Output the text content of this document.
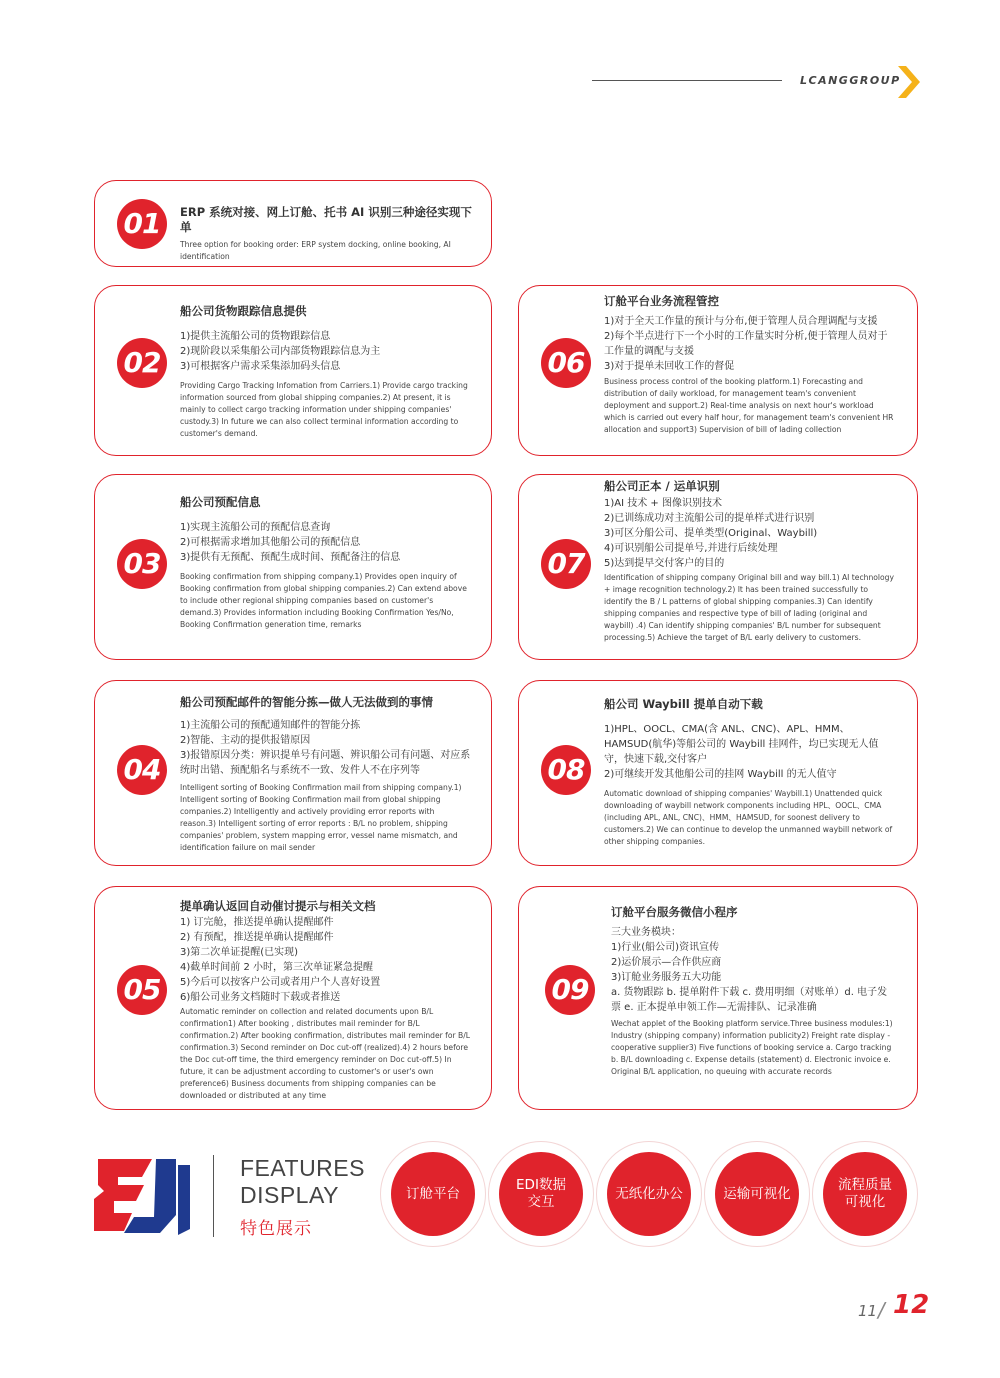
LCANGGROUP
01	ERP 系统对接、网上订舱、托书 AI 识别三种途径实现下单

Three option for booking order: ERP system docking, online booking, AI identification

02

船公司货物跟踪信息提供

1)提供主流船公司的货物跟踪信息

2)现阶段以采集船公司内部货物跟踪信息为主

3)可根据客户需求采集添加码头信息

Providing Cargo Tracking Infomation from Carriers.1) Provide cargo tracking information sourced from global shipping companies.2) At present, it is mainly to collect cargo tracking information under shipping companies' custody.3) In future we can also collect terminal information according to customer's demand.

06

订舱平台业务流程管控

1)对于全天工作量的预计与分布,便于管理人员合理调配与支援

2)每个半点进行下一个小时的工作量实时分析,便于管理人员对于工作量的调配与支援

3)对于提单未回收工作的督促

Business process control of the booking platform.1) Forecasting and distribution of daily workload, for management team's convenient deployment and support.2) Real-time analysis on next hour's workload which is carried out every half hour, for management team's convenient HR allocation and support3) Supervision of bill of lading collection

03

船公司预配信息

1)实现主流船公司的预配信息查询

2)可根据需求增加其他船公司的预配信息

3)提供有无预配、预配生成时间、预配备注的信息

Booking confirmation from shipping company.1) Provides open inquiry of Booking confirmation from global shipping companies.2) Can extend above to include other regional shipping companies based on customer's demand.3) Provides information including Booking Confirmation Yes/No, Booking Confirmation generation time, remarks

07

船公司正本 / 运单识别

1)AI 技术 + 图像识别技术

2)已训练成功对主流船公司的提单样式进行识别

3)可区分船公司、提单类型(Original、Waybill)

4)可识别船公司提单号,并进行后续处理

5)达到提早交付客户的目的

Identification of shipping company Original bill and way bill.1) AI technology + image recognition technology.2) It has been trained successfully to identify the B / L patterns of global shipping companies.3) Can identify shipping companies and respective type of bill of lading (original and waybill) .4) Can identify shipping companies' B/L number for subsequent processing.5) Achieve the target of B/L early delivery to customers.

04

船公司预配邮件的智能分拣—做人无法做到的事情

1)主流船公司的预配通知邮件的智能分拣

2)智能、主动的提供报错原因

3)报错原因分类：辨识提单号有问题、辨识船公司有问题、对应系统时出错、预配船名与系统不一致、发件人不在序列等

Intelligent sorting of Booking Confirmation mail from shipping company.1) Intelligent sorting of Booking Confirmation mail from global shipping companies.2) Intelligently and actively providing error reports with reason.3) Intelligent sorting of error reports : B/L no problem, shipping companies' problem, system mapping error, vessel name mismatch, and identification failure on mail sender

08

船公司 Waybill 提单自动下载

1)HPL、OOCL、CMA(含 ANL、CNC)、APL、HMM、HAMSUD(航华)等船公司的 Waybill 挂网件，均已实现无人值守，快速下载,交付客户

2)可继续开发其他船公司的挂网 Waybill 的无人值守

Automatic download of shipping companies' Waybill.1) Unattended quick downloading of waybill network components including HPL、OOCL、CMA (including APL, ANL, CNC)、HMM、HAMSUD, for soonest delivery to customers.2) We can continue to develop the unmanned waybill network of other shipping companies.

05

提单确认返回自动催讨提示与相关文档

1) 订完舱，推送提单确认提醒邮件

2) 有预配，推送提单确认提醒邮件

3)第二次单证提醒(已实现)

4)截单时间前 2 小时，第三次单证紧急提醒

5)今后可以按客户公司或者用户个人喜好设置

6)船公司业务文档随时下载或者推送

Automatic reminder on collection and related documents upon B/L confirmation1) After booking , distributes mail reminder for B/L confirmation.2) After booking confirmation, distributes mail reminder for B/L confirmation.3) Second reminder on Doc cut-off (realized).4) 2 hours before the Doc cut-off time, the third emergency reminder on Doc cut-off.5) In future, it can be adjustment according to customer's or user's own preference6) Business documents from shipping companies can be downloaded or distributed at any time

09

订舱平台服务微信小程序

三大业务模块：

1)行业(船公司)资讯宣传

2)运价展示—合作供应商

3)订舱业务服务五大功能

a. 货物跟踪 b. 提单附件下载 c. 费用明细（对账单）d. 电子发票 e. 正本提单申领工作—无需排队、记录准确

Wechat applet of the Booking platform service.Three business modules:1) Industry (shipping company) information publicity2) Freight rate display - cooperative supplier3) Five functions of booking service a. Cargo tracking b. B/L downloading c. Expense details (statement) d. Electronic invoice e. Original B/L application, no queuing with accurate records

FEATURES
DISPLAY
特色展示
订舱平台
EDI数据
交互
无纸化办公	运输可视化
流程质量
可视化
11 / 12
